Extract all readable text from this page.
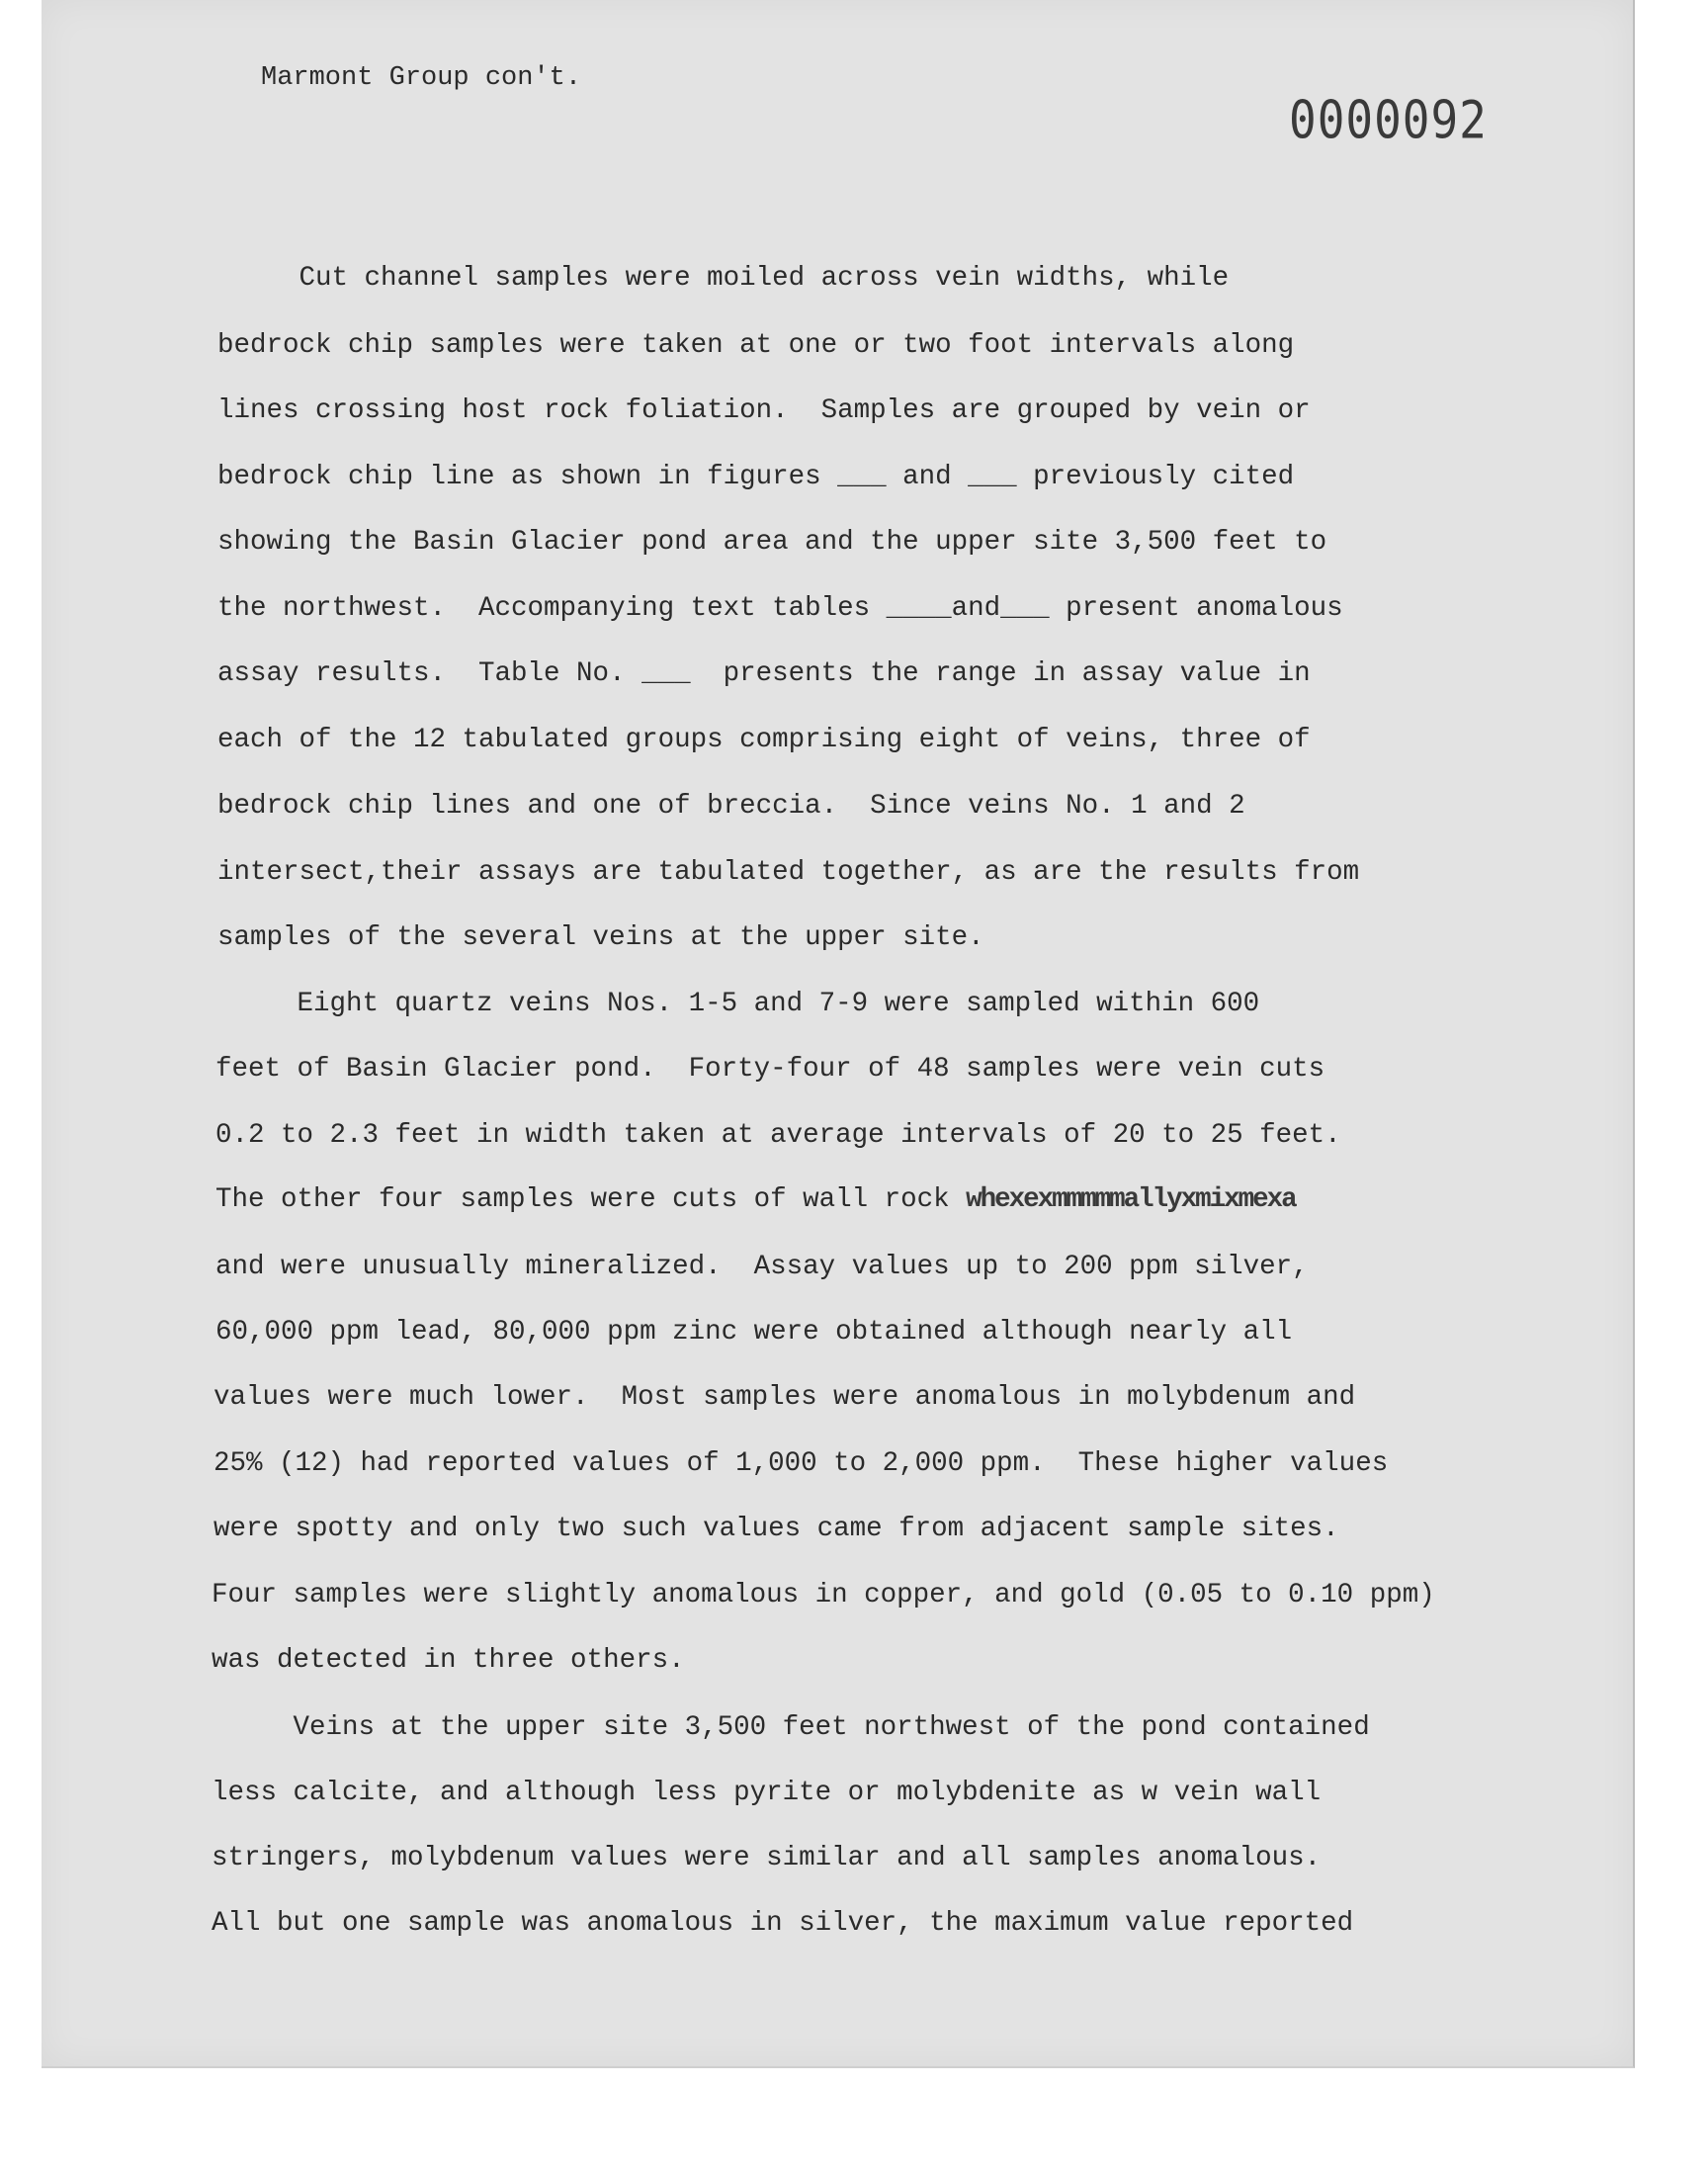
Marmont Group con't.
0000092
Cut channel samples were moiled across vein widths, while
bedrock chip samples were taken at one or two foot intervals along
lines crossing host rock foliation.  Samples are grouped by vein or
bedrock chip line as shown in figures ___ and ___ previously cited
showing the Basin Glacier pond area and the upper site 3,500 feet to
the northwest.  Accompanying text tables ____and___ present anomalous
assay results.  Table No. ___  presents the range in assay value in
each of the 12 tabulated groups comprising eight of veins, three of
bedrock chip lines and one of breccia.  Since veins No. 1 and 2
intersect,their assays are tabulated together, as are the results from
samples of the several veins at the upper site.
Eight quartz veins Nos. 1-5 and 7-9 were sampled within 600
feet of Basin Glacier pond.  Forty-four of 48 samples were vein cuts
0.2 to 2.3 feet in width taken at average intervals of 20 to 25 feet.
The other four samples were cuts of wall rock whexexmmmmmallyxmixmexa
and were unusually mineralized.  Assay values up to 200 ppm silver,
60,000 ppm lead, 80,000 ppm zinc were obtained although nearly all
values were much lower.  Most samples were anomalous in molybdenum and
25% (12) had reported values of 1,000 to 2,000 ppm.  These higher values
were spotty and only two such values came from adjacent sample sites.
Four samples were slightly anomalous in copper, and gold (0.05 to 0.10 ppm)
was detected in three others.
Veins at the upper site 3,500 feet northwest of the pond contained
less calcite, and although less pyrite or molybdenite as w vein wall
stringers, molybdenum values were similar and all samples anomalous.
All but one sample was anomalous in silver, the maximum value reported
